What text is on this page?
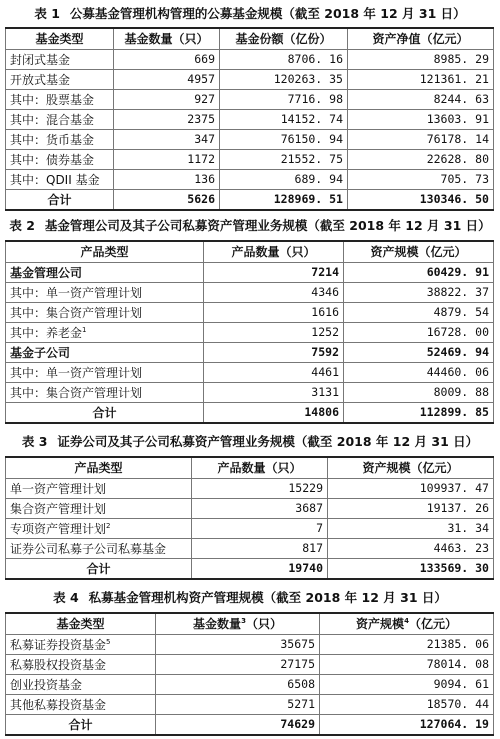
表 1 公募基金管理机构管理的公募基金规模（截至 2018 年 12 月 31 日）
基金类型	基金数量（只）	基金份额（亿份）	资产净值（亿元）
封闭式基金	669	8706. 16	8985. 29
开放式基金	4957	120263. 35	121361. 21
其中：股票基金	927	7716. 98	8244. 63
其中：混合基金	2375	14152. 74	13603. 91
其中：货币基金	347	76150. 94	76178. 14
其中：债券基金	1172	21552. 75	22628. 80
其中：QDII 基金	136	689. 94	705. 73
合计	5626	128969. 51	130346. 50
表 2 基金管理公司及其子公司私募资产管理业务规模（截至 2018 年 12 月 31 日）
产品类型	产品数量（只）	资产规模（亿元）
基金管理公司	7214	60429. 91
其中：单一资产管理计划	4346	38822. 37
其中：集合资产管理计划	1616	4879. 54
其中：养老金$^1$	1252	16728. 00
基金子公司	7592	52469. 94
其中：单一资产管理计划	4461	44460. 06
其中：集合资产管理计划	3131	8009. 88
合计	14806	112899. 85
表 3 证券公司及其子公司私募资产管理业务规模（截至 2018 年 12 月 31 日）
产品类型	产品数量（只）	资产规模（亿元）
单一资产管理计划	15229	109937. 47
集合资产管理计划	3687	19137. 26
专项资产管理计划$^2$	7	31. 34
证券公司私募子公司私募基金	817	4463. 23
合计	19740	133569. 30
表 4 私募基金管理机构资产管理规模（截至 2018 年 12 月 31 日）
基金类型	基金数量$^3$（只）	资产规模$^4$（亿元）
私募证券投资基金$^5$	35675	21385. 06
私募股权投资基金	27175	78014. 08
创业投资基金	6508	9094. 61
其他私募投资基金	5271	18570. 44
合计	74629	127064. 19
